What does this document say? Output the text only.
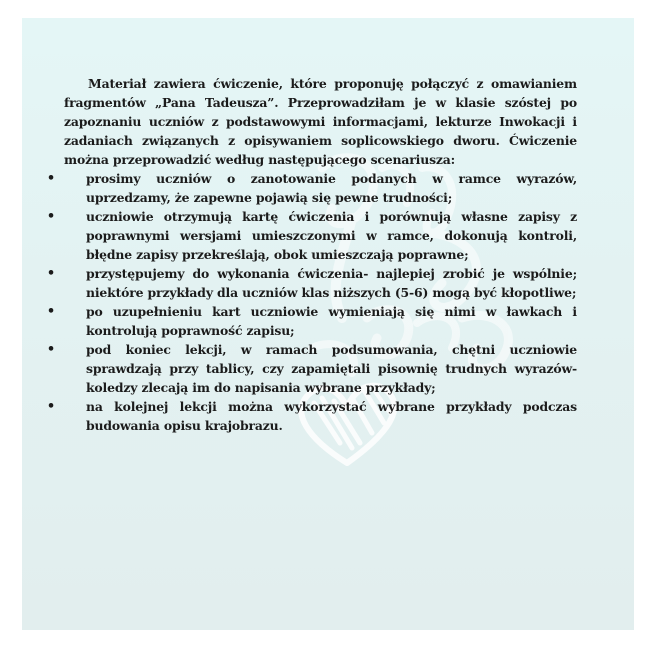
Materiał zawiera ćwiczenie, które proponuję połączyć z omawianiem fragmentów „Pana Tadeusza”. Przeprowadziłam je w klasie szóstej po zapoznaniu uczniów z podstawowymi informacjami, lekturze Inwokacji i zadaniach związanych z opisywaniem soplicowskiego dworu. Ćwiczenie można przeprowadzić według następującego scenariusza:

• prosimy uczniów o zanotowanie podanych w ramce wyrazów, uprzedzamy, że zapewne pojawią się pewne trudności;
• uczniowie otrzymują kartę ćwiczenia i porównują własne zapisy z poprawnymi wersjami umieszczonymi w ramce, dokonują kontroli, błędne zapisy przekreślają, obok umieszczają poprawne;
• przystępujemy do wykonania ćwiczenia- najlepiej zrobić je wspólnie; niektóre przykłady dla uczniów klas niższych (5-6) mogą być kłopotliwe;
• po uzupełnieniu kart uczniowie wymieniają się nimi w ławkach i kontrolują poprawność zapisu;
• pod koniec lekcji, w ramach podsumowania, chętni uczniowie sprawdzają przy tablicy, czy zapamiętali pisownię trudnych wyrazów- koledzy zlecają im do napisania wybrane przykłady;
• na kolejnej lekcji można wykorzystać wybrane przykłady podczas budowania opisu krajobrazu.
